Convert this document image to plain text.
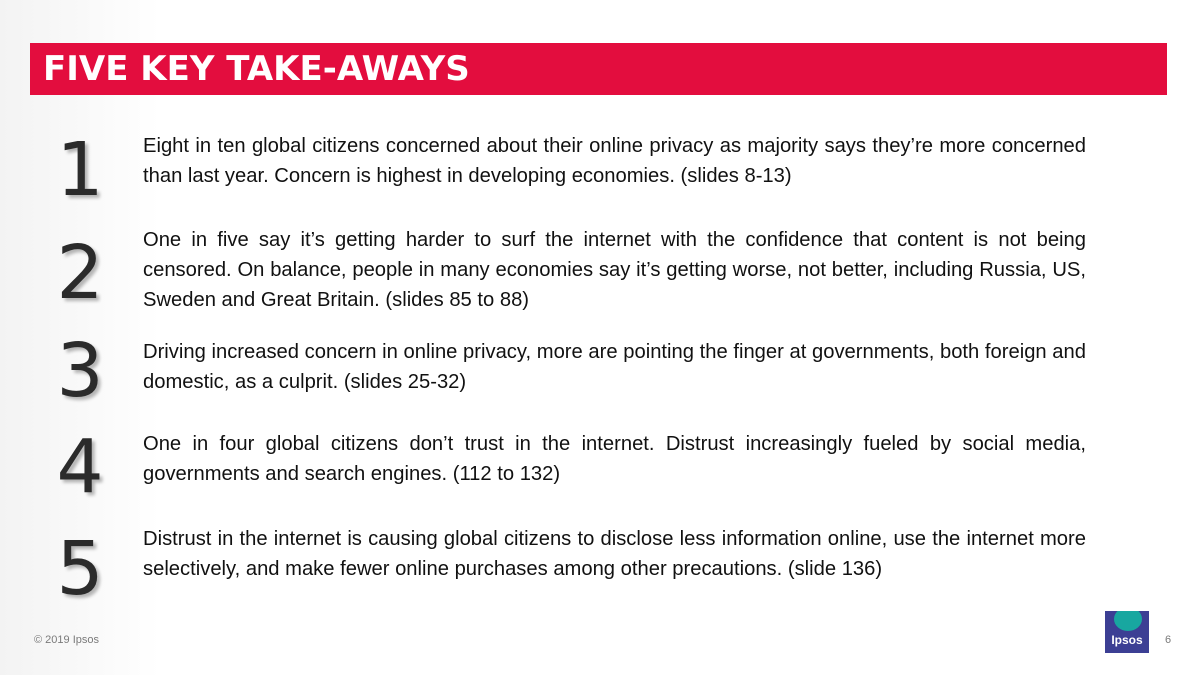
FIVE KEY TAKE-AWAYS
1	Eight in ten global citizens concerned about their online privacy as majority says they’re more concerned than last year. Concern is highest in developing economies. (slides 8-13)
2	One in five say it’s getting harder to surf the internet with the confidence that content is not being censored. On balance, people in many economies say it’s getting worse, not better, including Russia, US, Sweden and Great Britain. (slides 85 to 88)
3	Driving increased concern in online privacy, more are pointing the finger at governments, both foreign and domestic, as a culprit. (slides 25-32)
4	One in four global citizens don’t trust in the internet. Distrust increasingly fueled by social media, governments and search engines. (112 to 132)
5	Distrust in the internet is causing global citizens to disclose less information online, use the internet more selectively, and make fewer online purchases among other precautions. (slide 136)
© 2019 Ipsos	Ipsos	6
